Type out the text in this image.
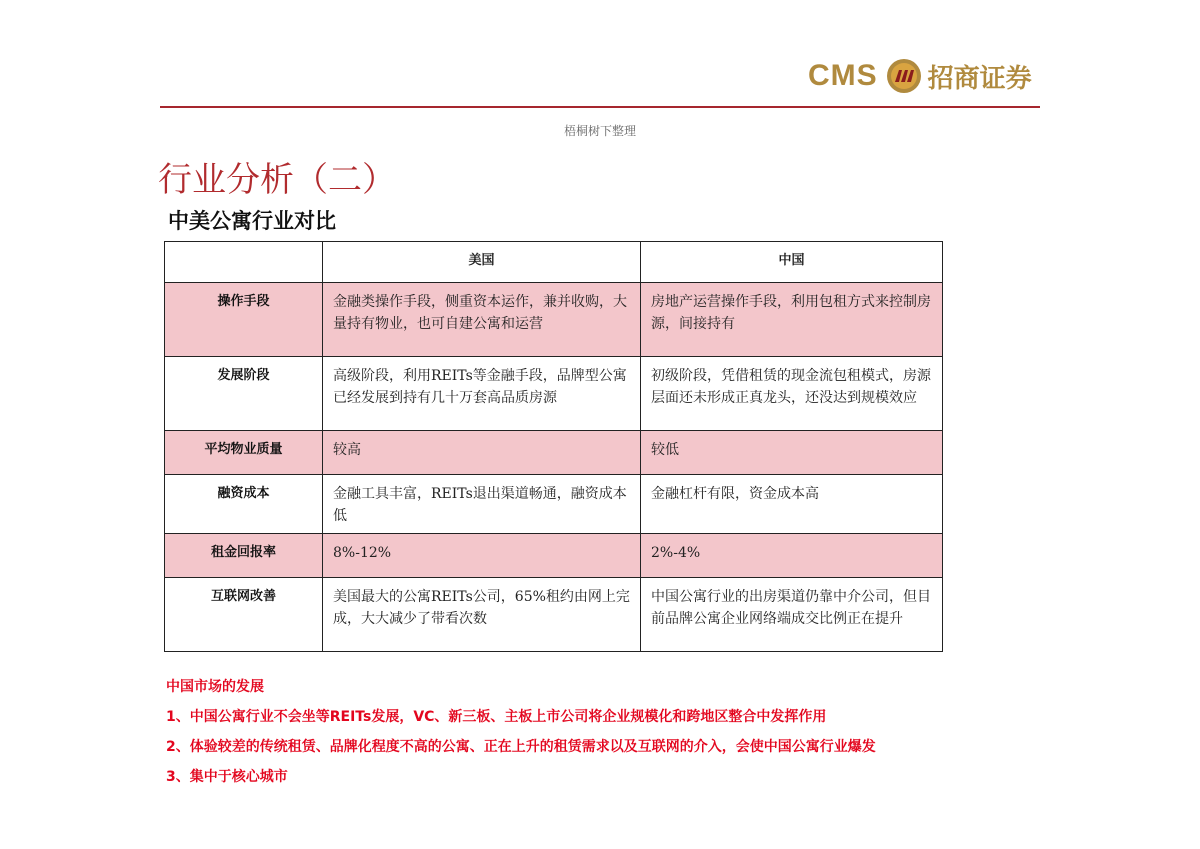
CMS 招商证券
梧桐树下整理
行业分析（二）
中美公寓行业对比
	美国	中国
操作手段	金融类操作手段，侧重资本运作，兼并收购，大量持有物业，也可自建公寓和运营	房地产运营操作手段，利用包租方式来控制房源，间接持有
发展阶段	高级阶段，利用REITs等金融手段，品牌型公寓已经发展到持有几十万套高品质房源	初级阶段，凭借租赁的现金流包租模式，房源层面还未形成正真龙头，还没达到规模效应
平均物业质量	较高	较低
融资成本	金融工具丰富，REITs退出渠道畅通，融资成本低	金融杠杆有限，资金成本高
租金回报率	8%-12%	2%-4%
互联网改善	美国最大的公寓REITs公司，65%租约由网上完成，大大减少了带看次数	中国公寓行业的出房渠道仍靠中介公司，但目前品牌公寓企业网络端成交比例正在提升
中国市场的发展
1、中国公寓行业不会坐等REITs发展，VC、新三板、主板上市公司将企业规模化和跨地区整合中发挥作用
2、体验较差的传统租赁、品牌化程度不高的公寓、正在上升的租赁需求以及互联网的介入，会使中国公寓行业爆发
3、集中于核心城市
